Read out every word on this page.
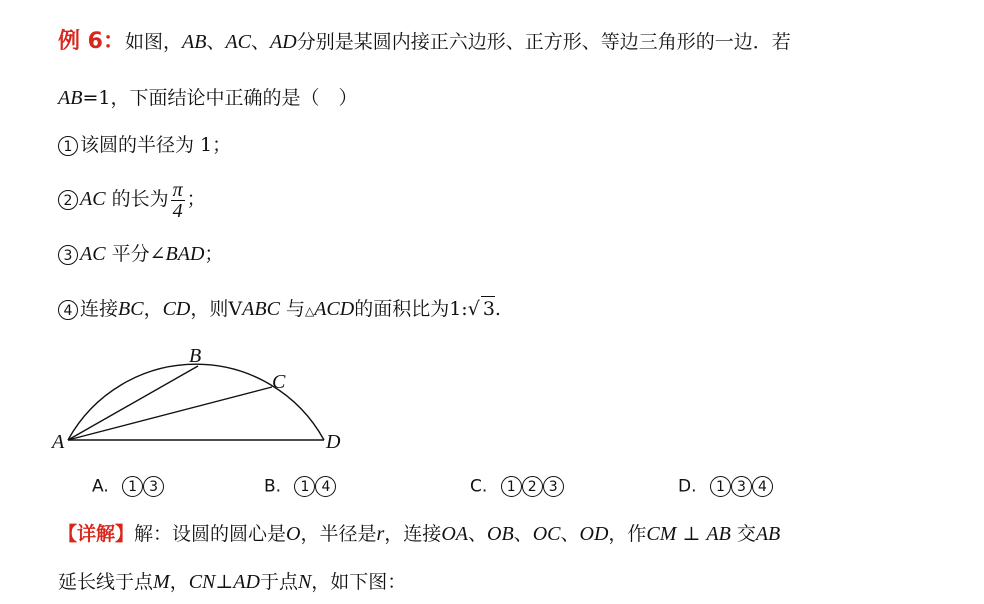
例 6：如图，AB、AC、AD分别是某圆内接正六边形、正方形、等边三角形的一边．若
AB=1，下面结论中正确的是（　）
1 该圆的半径为 1；
2 AC 的长为 $\frac{\pi}{4}$ ；
3 AC 平分∠BAD；
4 连接BC，CD，则VABC 与△ACD的面积比为1:√ 3.
A
B
C
D
A. 1 3	B. 1 4	C. 1 2 3	D. 1 3 4
【详解】解：设圆的圆心是O，半径是r，连接OA、OB、OC、OD，作CM ⊥ AB 交AB
延长线于点M，CN⊥AD于点N，如下图：
